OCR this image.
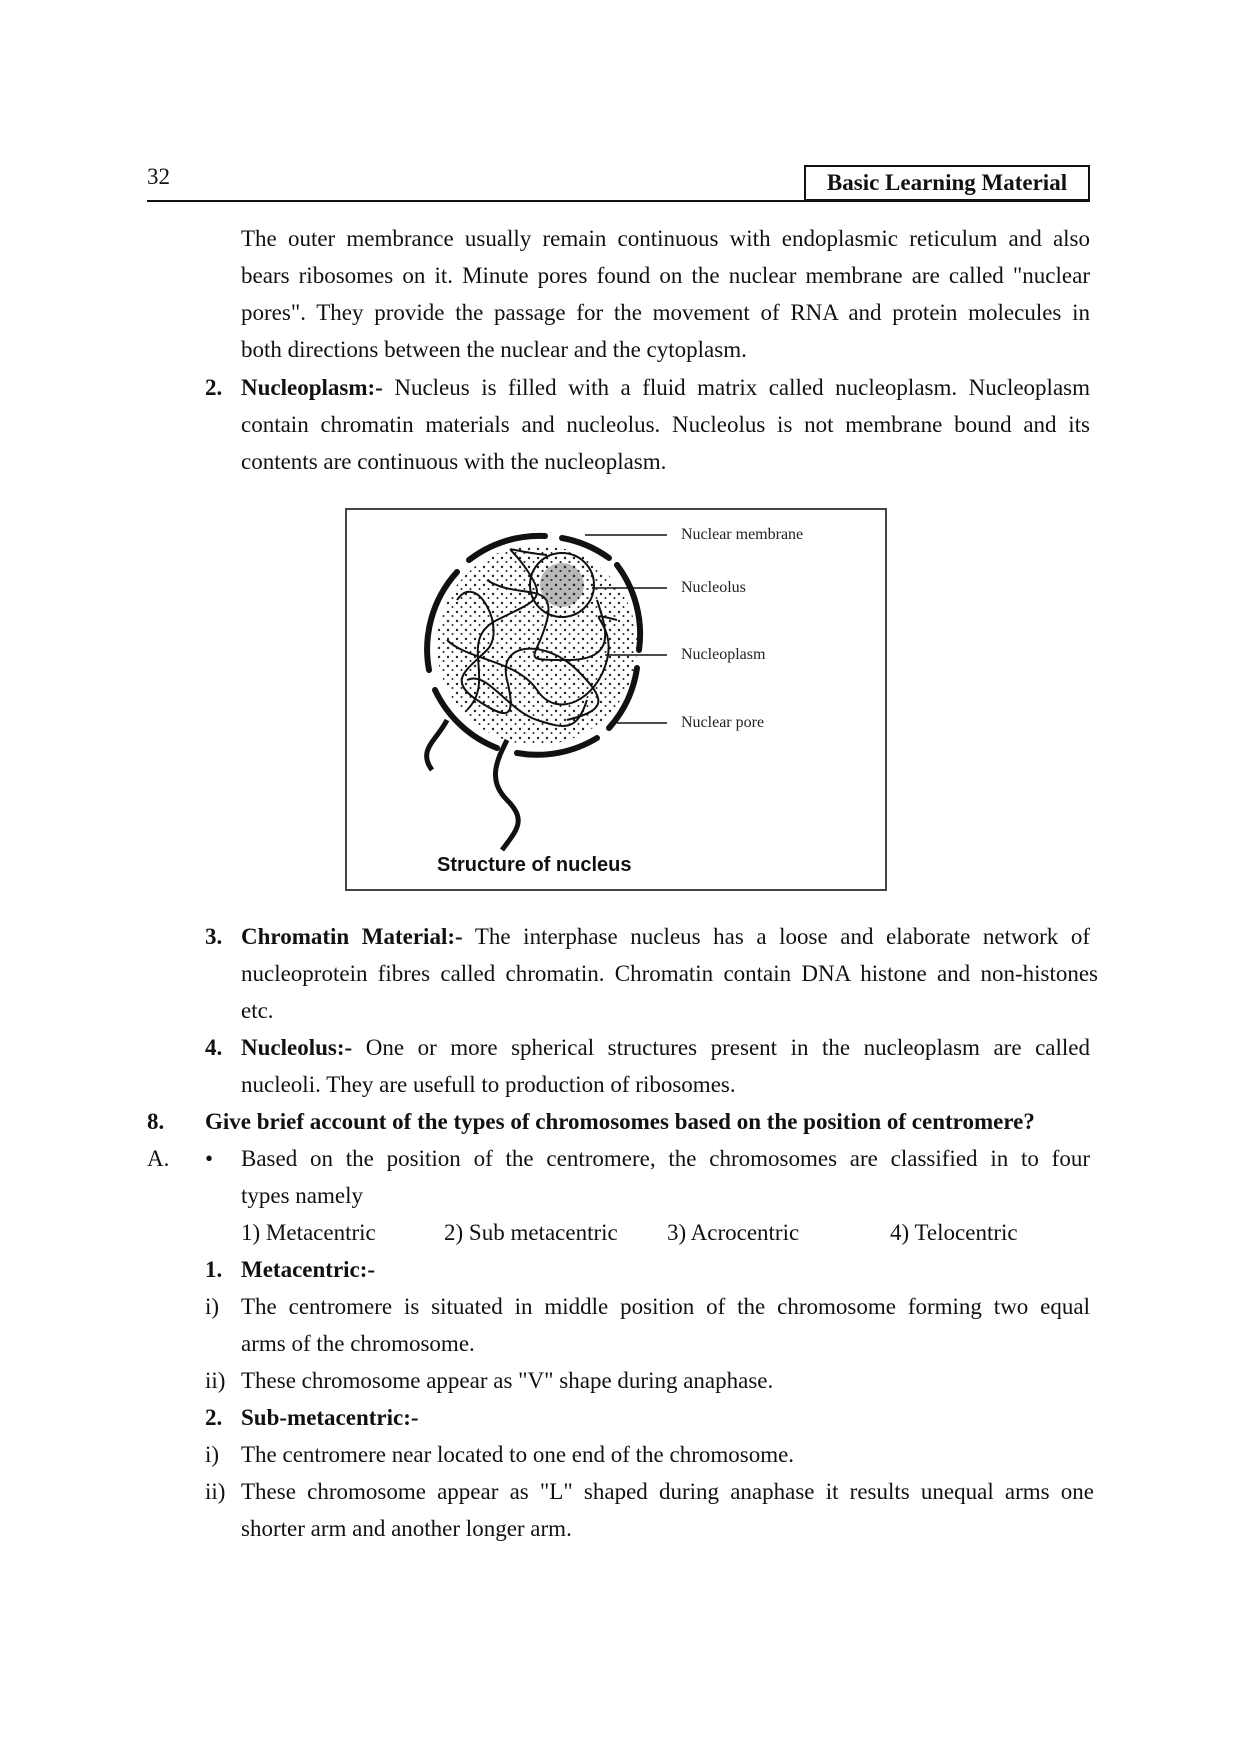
32	Basic Learning Material
The outer membrance usually remain continuous with endoplasmic reticulum and also
bears ribosomes on it. Minute pores found on the nuclear membrane are called "nuclear
pores". They provide the passage for the movement of RNA and protein molecules in
both directions between the nuclear and the cytoplasm.
2. Nucleoplasm:- Nucleus is filled with a fluid matrix called nucleoplasm. Nucleoplasm
contain chromatin materials and nucleolus. Nucleolus is not membrane bound and its
contents are continuous with the nucleoplasm.
Nuclear membrane
Nucleolus
Nucleoplasm
Nuclear pore
Structure of nucleus
3. Chromatin Material:- The interphase nucleus has a loose and elaborate network of
nucleoprotein fibres called chromatin. Chromatin contain DNA histone and non-histones
etc.
4. Nucleolus:- One or more spherical structures present in the nucleoplasm are called
nucleoli. They are usefull to production of ribosomes.
8. Give brief account of the types of chromosomes based on the position of centromere?
A. • Based on the position of the centromere, the chromosomes are classified in to four
types namely
1) Metacentric	2) Sub metacentric 3) Acrocentric	4) Telocentric
1. Metacentric:-
i) The centromere is situated in middle position of the chromosome forming two equal
arms of the chromosome.
ii) These chromosome appear as "V" shape during anaphase.
2. Sub-metacentric:-
i) The centromere near located to one end of the chromosome.
ii) These chromosome appear as "L" shaped during anaphase it results unequal arms one
shorter arm and another longer arm.
